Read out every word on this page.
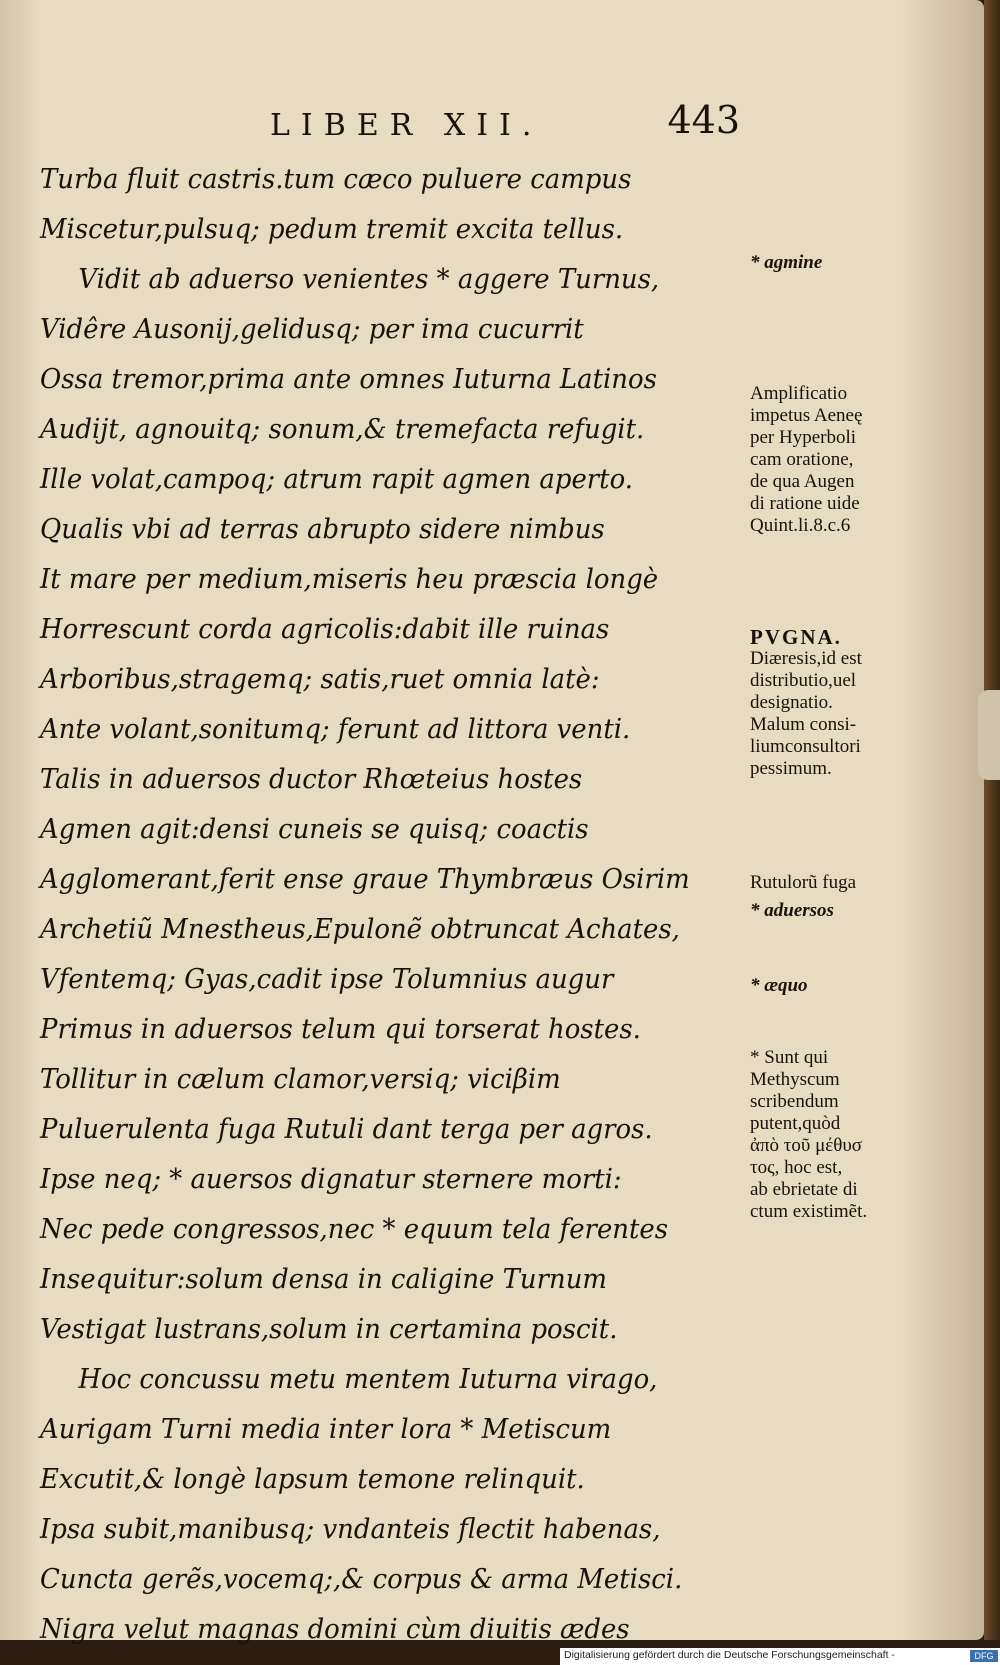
LIBER XII.	443
Turba fluit castris.tum cæco puluere campus
Miscetur,pulsuq; pedum tremit excita tellus.
Vidit ab aduerso venientes * aggere Turnus,
Vidêre Ausonij,gelidusq; per ima cucurrit
Ossa tremor,prima ante omnes Iuturna Latinos
Audijt, agnouitq; sonum,& tremefacta refugit.
Ille volat,campoq; atrum rapit agmen aperto.
Qualis vbi ad terras abrupto sidere nimbus
It mare per medium,miseris heu præscia longè
Horrescunt corda agricolis:dabit ille ruinas
Arboribus,stragemq; satis,ruet omnia latè:
Ante volant,sonitumq; ferunt ad littora venti.
Talis in aduersos ductor Rhœteius hostes
Agmen agit:densi cuneis se quisq; coactis
Agglomerant,ferit ense graue Thymbræus Osirim
Archetiũ Mnestheus,Epulonẽ obtruncat Achates,
Vfentemq; Gyas,cadit ipse Tolumnius augur
Primus in aduersos telum qui torserat hostes.
Tollitur in cælum clamor,versiq; viciβim
Puluerulenta fuga Rutuli dant terga per agros.
Ipse neq; * auersos dignatur sternere morti:
Nec pede congressos,nec * equum tela ferentes
Insequitur:solum densa in caligine Turnum
Vestigat lustrans,solum in certamina poscit.
Hoc concussu metu mentem Iuturna virago,
Aurigam Turni media inter lora * Metiscum
Excutit,& longè lapsum temone relinquit.
Ipsa subit,manibusq; vndanteis flectit habenas,
Cuncta gerẽs,vocemq;,& corpus & arma Metisci.
Nigra velut magnas domini cùm diuitis ædes
* agmine
Amplificatio
impetus Aeneę
per Hyperboli
cam oratione,
de qua Augen
di ratione uide
Quint.li.8.c.6
PVGNA.
Diæresis,id est
distributio,uel
designatio.
Malum consi-
liumconsultori
pessimum.
Rutulorũ fuga
* aduersos
* æquo
* Sunt qui
Methyscum
scribendum
putent,quòd
ἀπὸ τοῦ μέθυσ
τος, hoc est,
ab ebrietate di
ctum existimẽt.
Digitalisierung gefördert durch die Deutsche Forschungsgemeinschaft -	DFG
